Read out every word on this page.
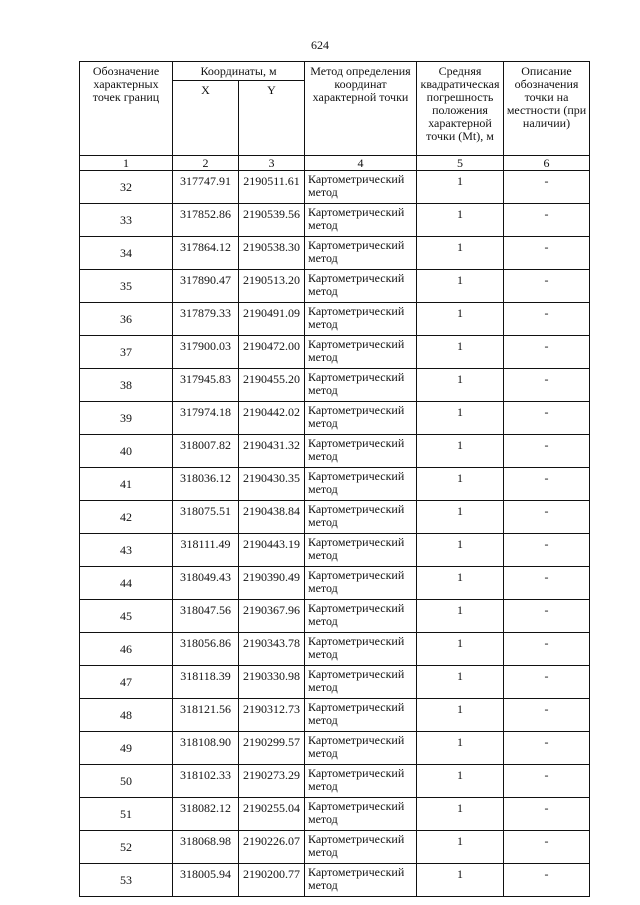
624
Обозначение характерных точек границ	Координаты, м		Метод определения координат характерной точки	Средняя квадратическая погрешность положения характерной точки (Mt), м	Описание обозначения точки на местности (при наличии)
	X	Y			
1	2	3	4	5	6
32	317747.91	2190511.61	Картометрический метод	1	-
33	317852.86	2190539.56	Картометрический метод	1	-
34	317864.12	2190538.30	Картометрический метод	1	-
35	317890.47	2190513.20	Картометрический метод	1	-
36	317879.33	2190491.09	Картометрический метод	1	-
37	317900.03	2190472.00	Картометрический метод	1	-
38	317945.83	2190455.20	Картометрический метод	1	-
39	317974.18	2190442.02	Картометрический метод	1	-
40	318007.82	2190431.32	Картометрический метод	1	-
41	318036.12	2190430.35	Картометрический метод	1	-
42	318075.51	2190438.84	Картометрический метод	1	-
43	318111.49	2190443.19	Картометрический метод	1	-
44	318049.43	2190390.49	Картометрический метод	1	-
45	318047.56	2190367.96	Картометрический метод	1	-
46	318056.86	2190343.78	Картометрический метод	1	-
47	318118.39	2190330.98	Картометрический метод	1	-
48	318121.56	2190312.73	Картометрический метод	1	-
49	318108.90	2190299.57	Картометрический метод	1	-
50	318102.33	2190273.29	Картометрический метод	1	-
51	318082.12	2190255.04	Картометрический метод	1	-
52	318068.98	2190226.07	Картометрический метод	1	-
53	318005.94	2190200.77	Картометрический метод	1	-
